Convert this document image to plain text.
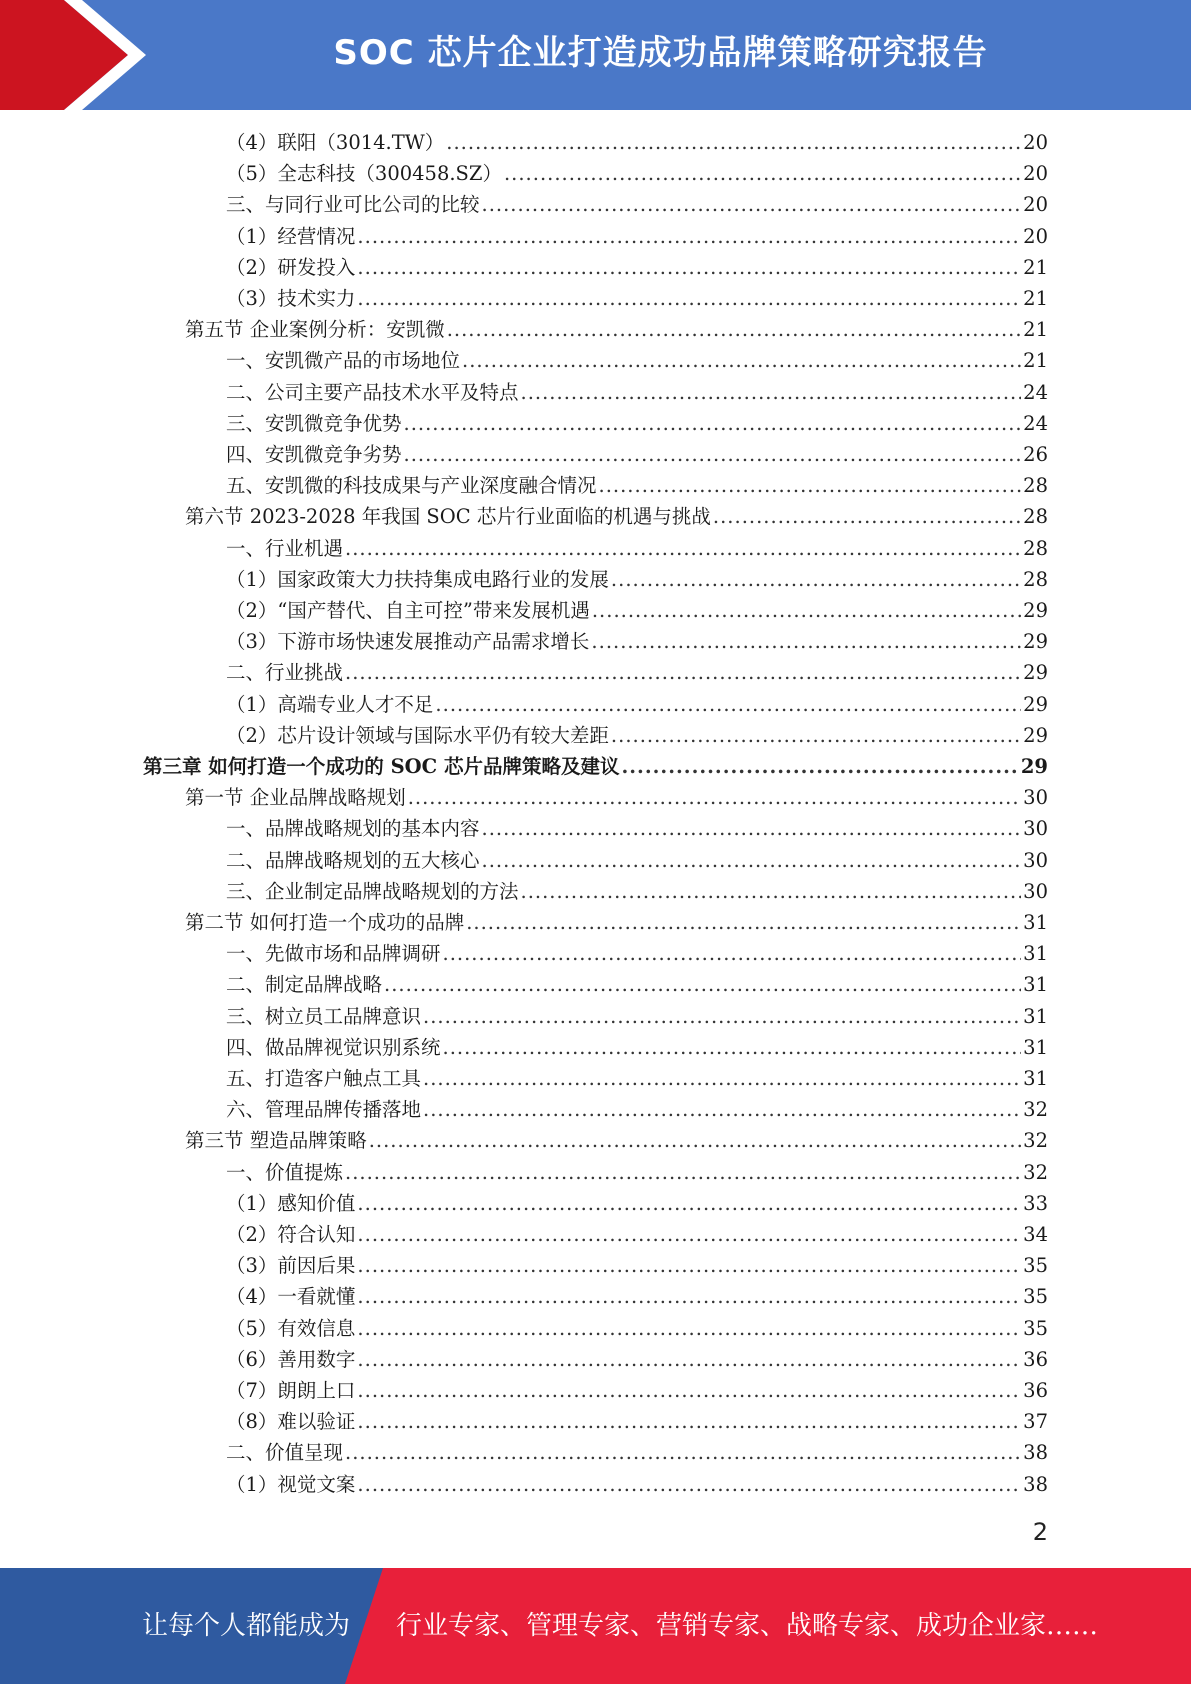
SOC 芯片企业打造成功品牌策略研究报告
（4）联阳（3014.TW） .....	20
（5）全志科技（300458.SZ） .....	20
三、与同行业可比公司的比较 .....	20
（1）经营情况 .....	20
（2）研发投入 .....	21
（3）技术实力 .....	21
第五节 企业案例分析：安凯微 .....	21
一、安凯微产品的市场地位 .....	21
二、公司主要产品技术水平及特点 .....	24
三、安凯微竞争优势 .....	24
四、安凯微竞争劣势 .....	26
五、安凯微的科技成果与产业深度融合情况 .....	28
第六节 2023-2028 年我国 SOC 芯片行业面临的机遇与挑战 .....	28
一、行业机遇 .....	28
（1）国家政策大力扶持集成电路行业的发展 .....	28
（2）“国产替代、自主可控”带来发展机遇 .....	29
（3）下游市场快速发展推动产品需求增长 .....	29
二、行业挑战 .....	29
（1）高端专业人才不足 .....	29
（2）芯片设计领域与国际水平仍有较大差距 .....	29
第三章 如何打造一个成功的 SOC 芯片品牌策略及建议 .....	29
第一节 企业品牌战略规划 .....	30
一、品牌战略规划的基本内容 .....	30
二、品牌战略规划的五大核心 .....	30
三、企业制定品牌战略规划的方法 .....	30
第二节 如何打造一个成功的品牌 .....	31
一、先做市场和品牌调研 .....	31
二、制定品牌战略 .....	31
三、树立员工品牌意识 .....	31
四、做品牌视觉识别系统 .....	31
五、打造客户触点工具 .....	31
六、管理品牌传播落地 .....	32
第三节 塑造品牌策略 .....	32
一、价值提炼 .....	32
（1）感知价值 .....	33
（2）符合认知 .....	34
（3）前因后果 .....	35
（4）一看就懂 .....	35
（5）有效信息 .....	35
（6）善用数字 .....	36
（7）朗朗上口 .....	36
（8）难以验证 .....	37
二、价值呈现 .....	38
（1）视觉文案 .....	38
2
让每个人都能成为 行业专家、管理专家、营销专家、战略专家、成功企业家……
